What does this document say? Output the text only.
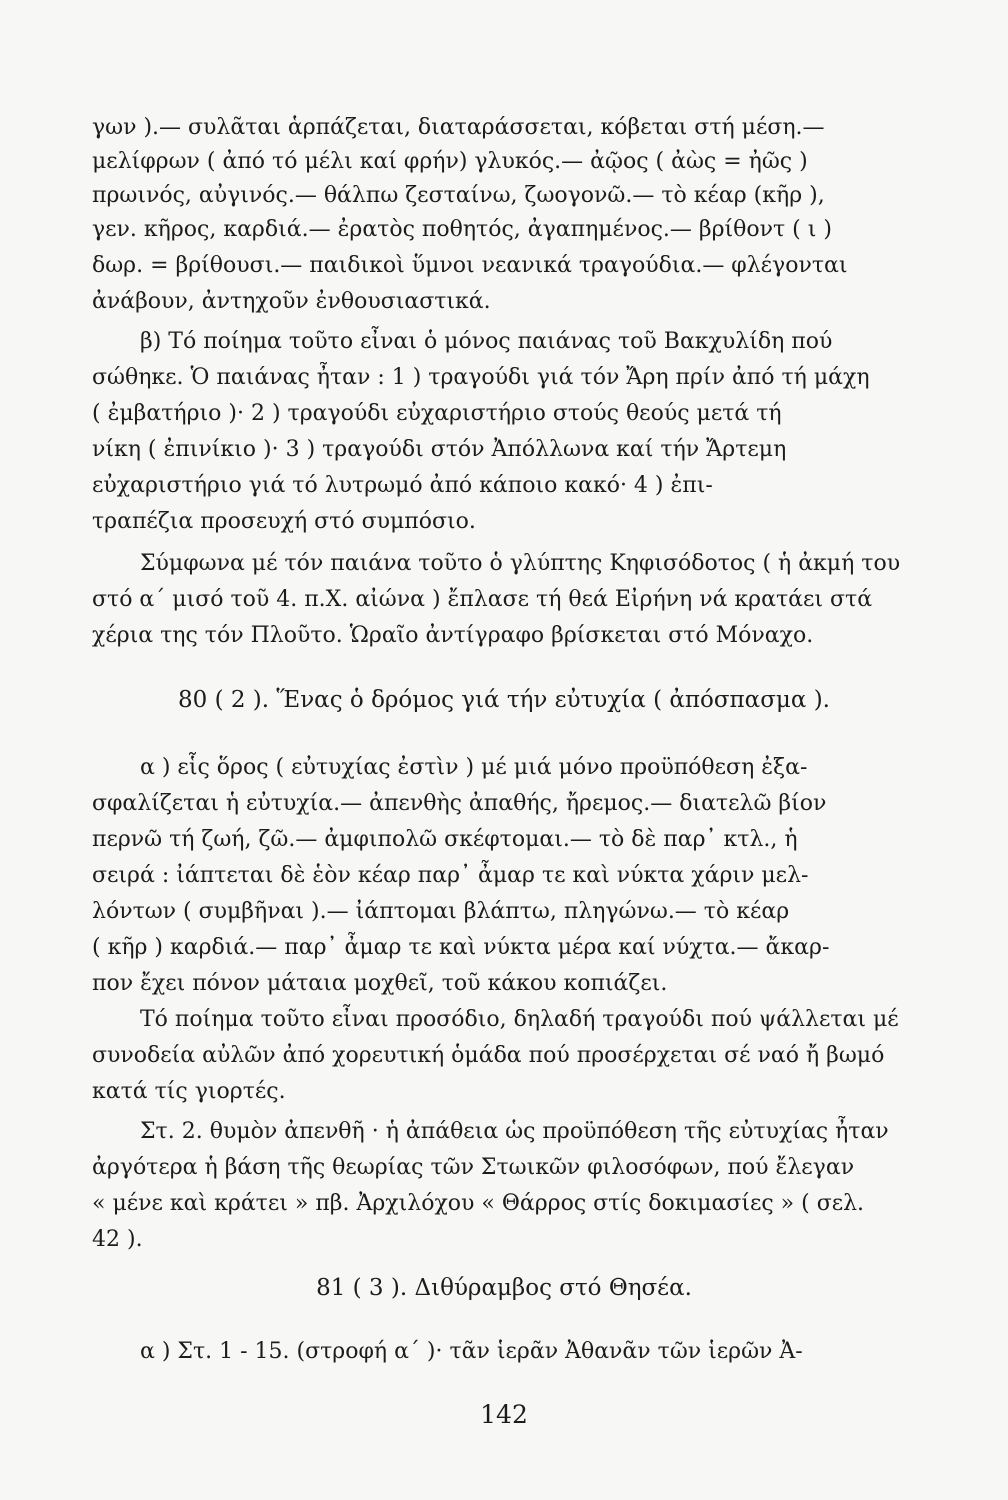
γων ).— συλᾶται ἁρπάζεται, διαταράσσεται, κόβεται στή μέση.—
μελίφρων ( ἀπό τό μέλι καί φρήν) γλυκός.— ἀῷος ( ἀὼς = ἠῶς )
πρωινός, αὐγινός.— θάλπω ζεσταίνω, ζωογονῶ.— τὸ κέαρ (κῆρ ),
γεν. κῆρος, καρδιά.— ἐρατὸς ποθητός, ἀγαπημένος.— βρίθοντ ( ι )
δωρ. = βρίθουσι.— παιδικοὶ ὕμνοι νεανικά τραγούδια.— φλέγονται
ἀνάβουν, ἀντηχοῦν ἐνθουσιαστικά.
β) Τό ποίημα τοῦτο εἶναι ὁ μόνος παιάνας τοῦ Βακχυλίδη πού
σώθηκε. Ὁ παιάνας ἦταν : 1 ) τραγούδι γιά τόν Ἄρη πρίν ἀπό τή μάχη
( ἐμβατήριο )· 2 ) τραγούδι εὐχαριστήριο στούς θεούς μετά τή
νίκη ( ἐπινίκιο )· 3 ) τραγούδι στόν Ἀπόλλωνα καί τήν Ἄρτεμη
εὐχαριστήριο γιά τό λυτρωμό ἀπό κάποιο κακό· 4 ) ἐπι-
τραπέζια προσευχή στό συμπόσιο.
Σύμφωνα μέ τόν παιάνα τοῦτο ὁ γλύπτης Κηφισόδοτος ( ἡ ἀκμή του
στό α΄ μισό τοῦ 4. π.Χ. αἰώνα ) ἔπλασε τή θεά Εἰρήνη νά κρατάει στά
χέρια της τόν Πλοῦτο. Ὡραῖο ἀντίγραφο βρίσκεται στό Μόναχο.
80 ( 2 ). Ἕνας ὁ δρόμος γιά τήν εὐτυχία ( ἀπόσπασμα ).
α ) εἷς ὅρος ( εὐτυχίας ἐστὶν ) μέ μιά μόνο προϋπόθεση ἐξα-
σφαλίζεται ἡ εὐτυχία.— ἀπενθὴς ἀπαθής, ἤρεμος.— διατελῶ βίον
περνῶ τή ζωή, ζῶ.— ἀμφιπολῶ σκέφτομαι.— τὸ δὲ παρ᾽ κτλ., ἡ
σειρά : ἰάπτεται δὲ ἑὸν κέαρ παρ᾽ ἆμαρ τε καὶ νύκτα χάριν μελ-
λόντων ( συμβῆναι ).— ἰάπτομαι βλάπτω, πληγώνω.— τὸ κέαρ
( κῆρ ) καρδιά.— παρ᾽ ἆμαρ τε καὶ νύκτα μέρα καί νύχτα.— ἄκαρ-
πον ἔχει πόνον μάταια μοχθεῖ, τοῦ κάκου κοπιάζει.
Τό ποίημα τοῦτο εἶναι προσόδιο, δηλαδή τραγούδι πού ψάλλεται μέ
συνοδεία αὐλῶν ἀπό χορευτική ὁμάδα πού προσέρχεται σέ ναό ἤ βωμό
κατά τίς γιορτές.
Στ. 2. θυμὸν ἀπενθῆ · ἡ ἀπάθεια ὡς προϋπόθεση τῆς εὐτυχίας ἦταν
ἀργότερα ἡ βάση τῆς θεωρίας τῶν Στωικῶν φιλοσόφων, πού ἔλεγαν
« μένε καὶ κράτει » πβ. Ἀρχιλόχου « Θάρρος στίς δοκιμασίες » ( σελ.
42 ).
81 ( 3 ). Διθύραμβος στό Θησέα.
α ) Στ. 1 - 15. (στροφή α΄ )· τᾶν ἱερᾶν Ἀθανᾶν τῶν ἱερῶν Ἀ-
142
